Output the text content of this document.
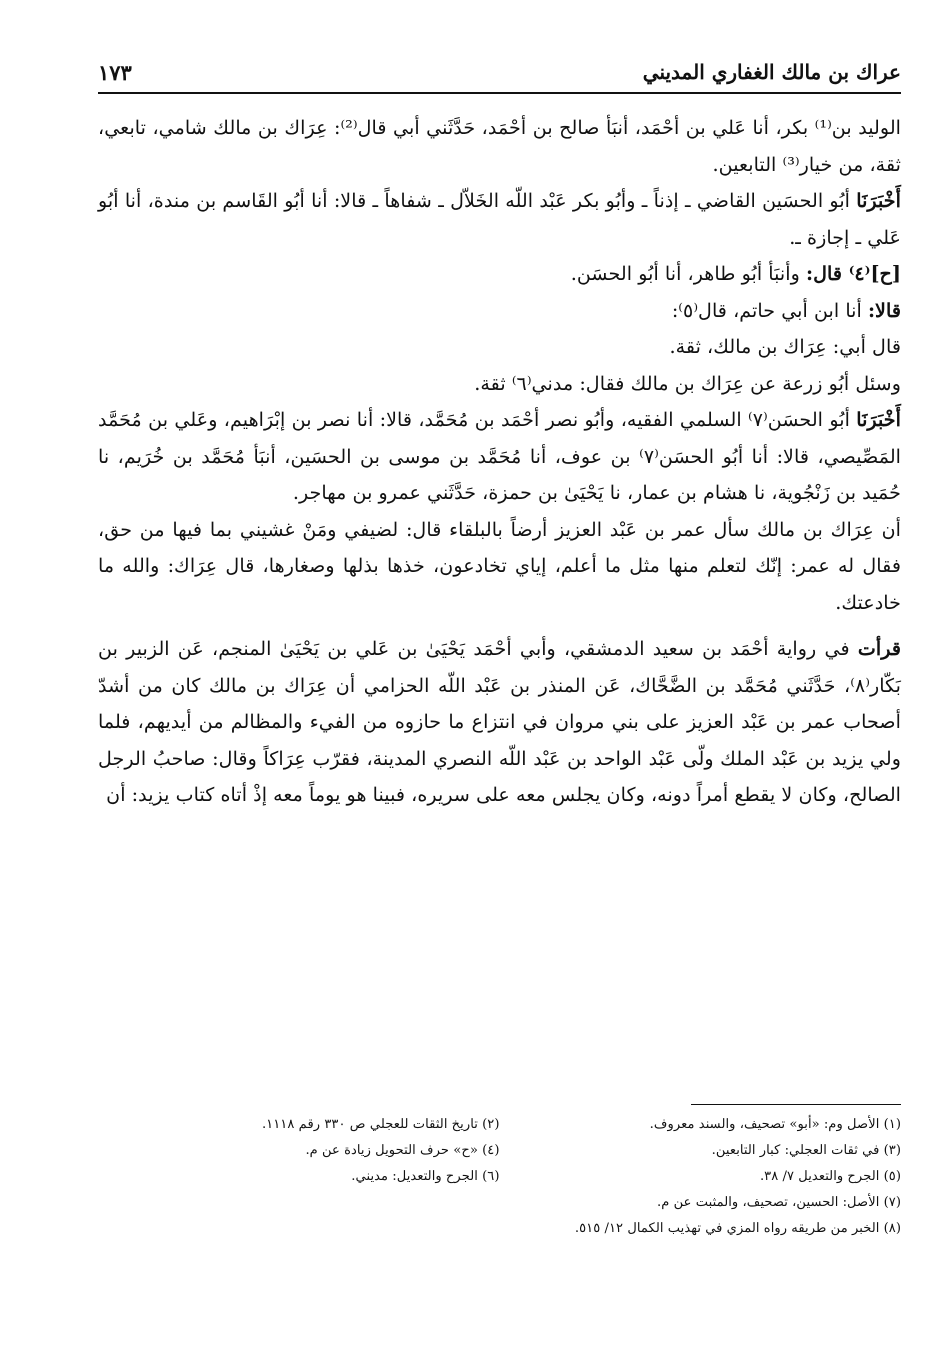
عراك بن مالك الغفاري المديني
١٧٣

الوليد بن⁽¹⁾ بكر، أنا عَلي بن أحْمَد، أنبَأ صالح بن أحْمَد، حَدَّثَني أبي قال⁽²⁾: عِرَاك بن مالك شامي، تابعي، ثقة، من خيار⁽³⁾ التابعين.

أَخْبَرَنَا أبُو الحسَين القاضي ـ إذناً ـ وأبُو بكر عَبْد اللّه الخَلاّل ـ شفاهاً ـ قالا: أنا أبُو القَاسم بن مندة، أنا أبُو عَلي ـ إجازة ـ.

[ح]⁽٤⁾ قال: وأنبَأ أبُو طاهر، أنا أبُو الحسَن.

قالا: أنا ابن أبي حاتم، قال⁽٥⁾:

قال أبي: عِرَاك بن مالك، ثقة.

وسئل أبُو زرعة عن عِرَاك بن مالك فقال: مدني⁽٦⁾ ثقة.

أَخْبَرَنَا أبُو الحسَن⁽٧⁾ السلمي الفقيه، وأبُو نصر أحْمَد بن مُحَمَّد، قالا: أنا نصر بن إبْرَاهيم، وعَلي بن مُحَمَّد المَصِّيصي، قالا: أنا أبُو الحسَن⁽٧⁾ بن عوف، أنا مُحَمَّد بن موسى بن الحسَين، أنبَأ مُحَمَّد بن خُرَيم، نا حُمَيد بن زَنْجُوية، نا هشام بن عمار، نا يَحْيَىٰ بن حمزة، حَدَّثَني عمرو بن مهاجر.

أن عِرَاك بن مالك سأل عمر بن عَبْد العزيز أرضاً بالبلقاء قال: لضيفي ومَنْ غشيني بما فيها من حق، فقال له عمر: إنّك لتعلم منها مثل ما أعلم، إياي تخادعون، خذها بذلها وصغارها، قال عِرَاك: والله ما خادعتك.

قرأت في رواية أحْمَد بن سعيد الدمشقي، وأبي أحْمَد يَحْيَىٰ بن عَلي بن يَحْيَىٰ المنجم، عَن الزبير بن بَكّار⁽٨⁾، حَدَّثَني مُحَمَّد بن الضَّحَّاك، عَن المنذر بن عَبْد اللّه الحزامي أن عِرَاك بن مالك كان من أشدّ أصحاب عمر بن عَبْد العزيز على بني مروان في انتزاع ما حازوه من الفيء والمظالم من أيديهم، فلما ولي يزيد بن عَبْد الملك ولّى عَبْد الواحد بن عَبْد اللّه النصري المدينة، فقرّب عِرَاكاً وقال: صاحبُ الرجل الصالح، وكان لا يقطع أمراً دونه، وكان يجلس معه على سريره، فبينا هو يوماً معه إذْ أتاه كتاب يزيد: أن

(١) الأصل وم: «أبو» تصحيف، والسند معروف.
(٢) تاريخ الثقات للعجلي ص ٣٣٠ رقم ١١١٨.
(٣) في ثقات العجلي: كبار التابعين.
(٤) «ح» حرف التحويل زيادة عن م.
(٥) الجرح والتعديل ٧/ ٣٨.
(٦) الجرح والتعديل: مديني.
(٧) الأصل: الحسين، تصحيف، والمثبت عن م.
(٨) الخبر من طريقه رواه المزي في تهذيب الكمال ١٢/ ٥١٥.
